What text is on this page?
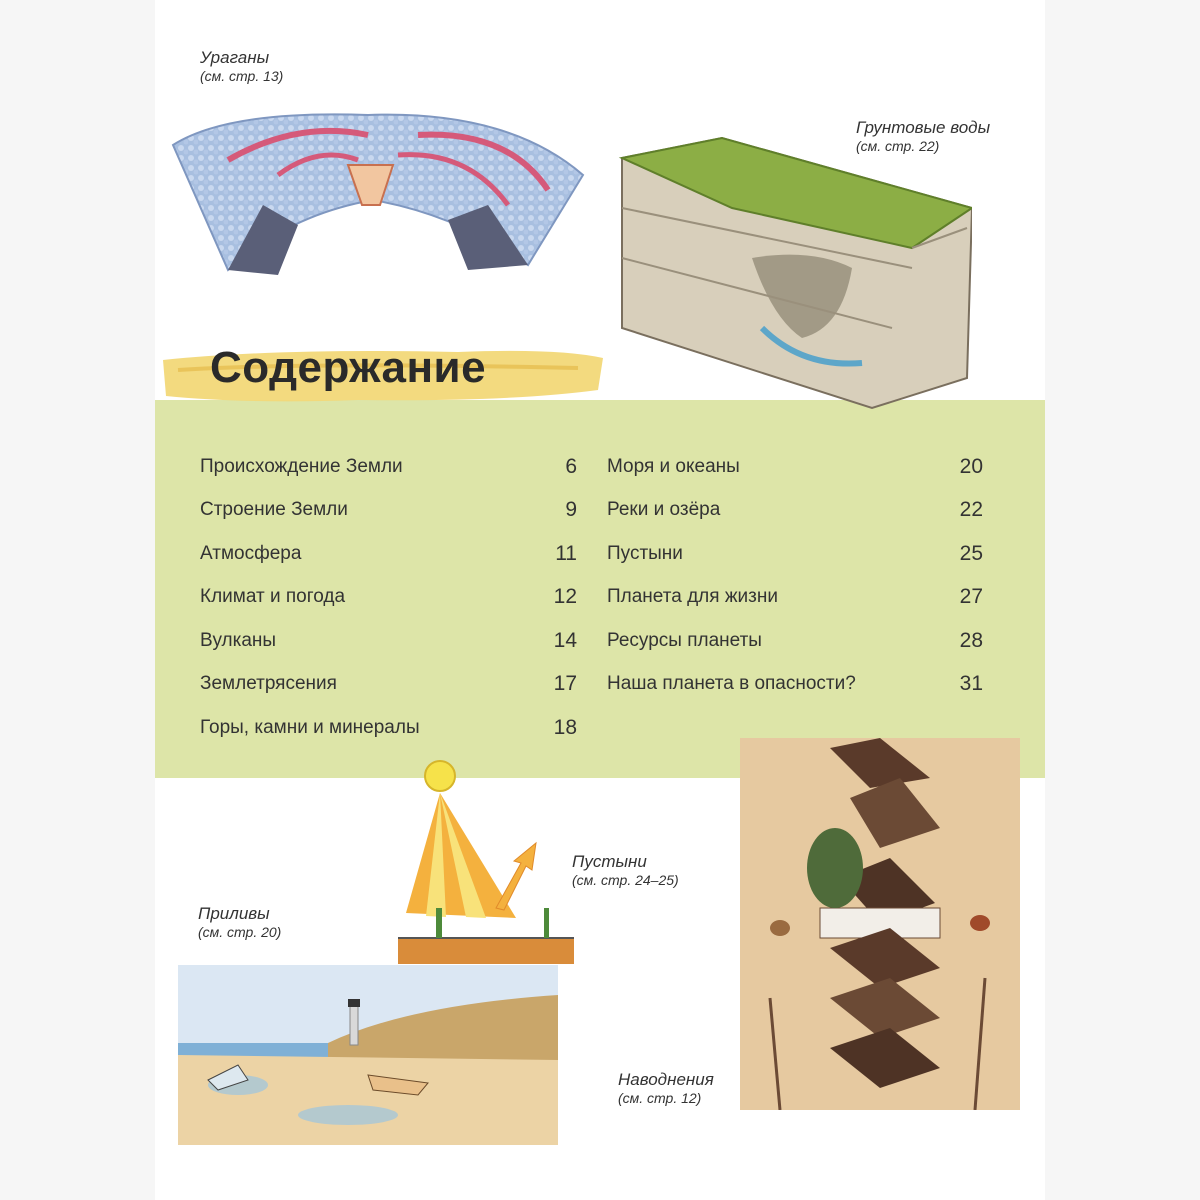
Ураганы
(см. стр. 13)
Грунтовые воды
(см. стр. 22)
Содержание
Происхождение Земли	6
Строение Земли	9
Атмосфера	11
Климат и погода	12
Вулканы	14
Землетрясения	17
Горы, камни и минералы	18
Моря и океаны	20
Реки и озёра	22
Пустыни	25
Планета для жизни	27
Ресурсы планеты	28
Наша планета в опасности?	31
Пустыни
(см. стр. 24–25)
Приливы
(см. стр. 20)
Наводнения
(см. стр. 12)
